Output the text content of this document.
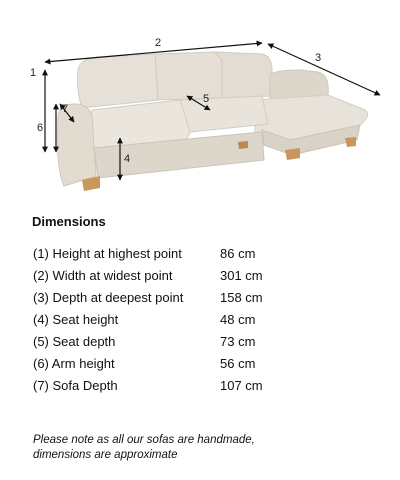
1
2
3
4
5
6
7
Dimensions
(1) Height at highest point	86 cm
(2) Width at widest point	301 cm
(3) Depth at deepest point	158 cm
(4) Seat height	48 cm
(5) Seat depth	73 cm
(6) Arm height	56 cm
(7) Sofa Depth	107 cm

Please note as all our sofas are handmade,
dimensions are approximate
